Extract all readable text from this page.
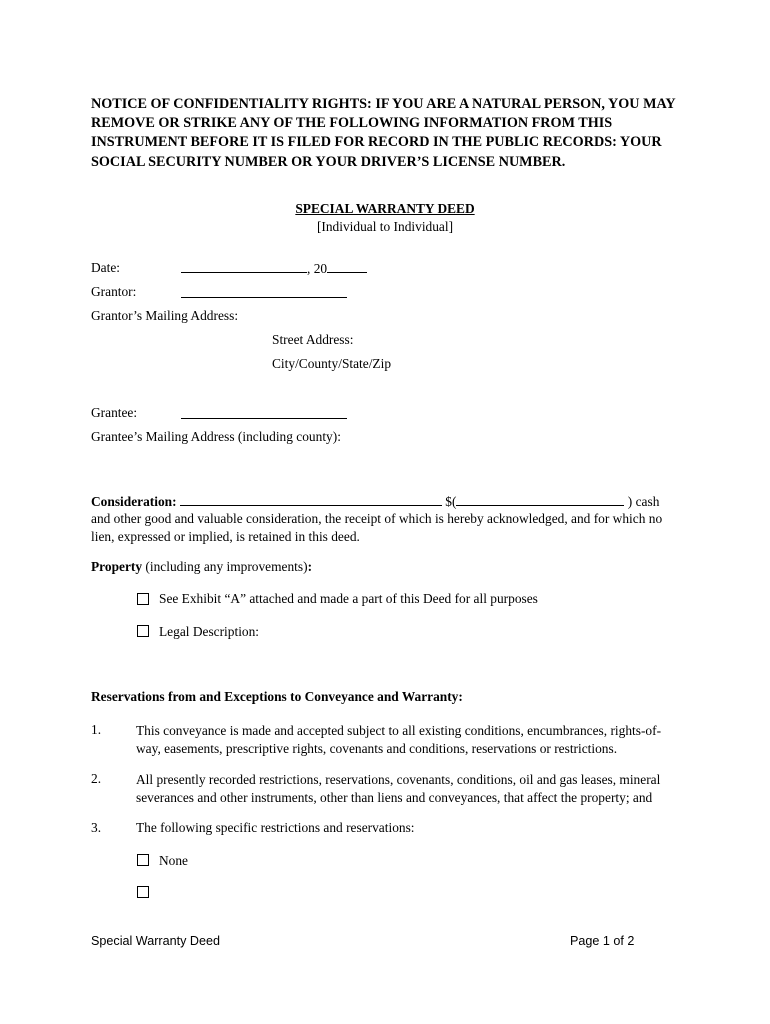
NOTICE OF CONFIDENTIALITY RIGHTS: IF YOU ARE A NATURAL PERSON, YOU MAY REMOVE OR STRIKE ANY OF THE FOLLOWING INFORMATION FROM THIS INSTRUMENT BEFORE IT IS FILED FOR RECORD IN THE PUBLIC RECORDS: YOUR SOCIAL SECURITY NUMBER OR YOUR DRIVER’S LICENSE NUMBER.
SPECIAL WARRANTY DEED
[Individual to Individual]
Date:	, 20
Grantor:
Grantor’s Mailing Address:
Street Address:
City/County/State/Zip
Grantee:
Grantee’s Mailing Address (including county):
Consideration:	$(	) cash
and other good and valuable consideration, the receipt of which is hereby acknowledged, and for which no lien, expressed or implied, is retained in this deed.
Property (including any improvements):
See Exhibit “A” attached and made a part of this Deed for all purposes
Legal Description:
Reservations from and Exceptions to Conveyance and Warranty:
1.	This conveyance is made and accepted subject to all existing conditions, encumbrances, rights-of-way, easements, prescriptive rights, covenants and conditions, reservations or restrictions.
2.	All presently recorded restrictions, reservations, covenants, conditions, oil and gas leases, mineral severances and other instruments, other than liens and conveyances, that affect the property; and
3.	The following specific restrictions and reservations:
None
Special Warranty Deed	Page 1 of 2
